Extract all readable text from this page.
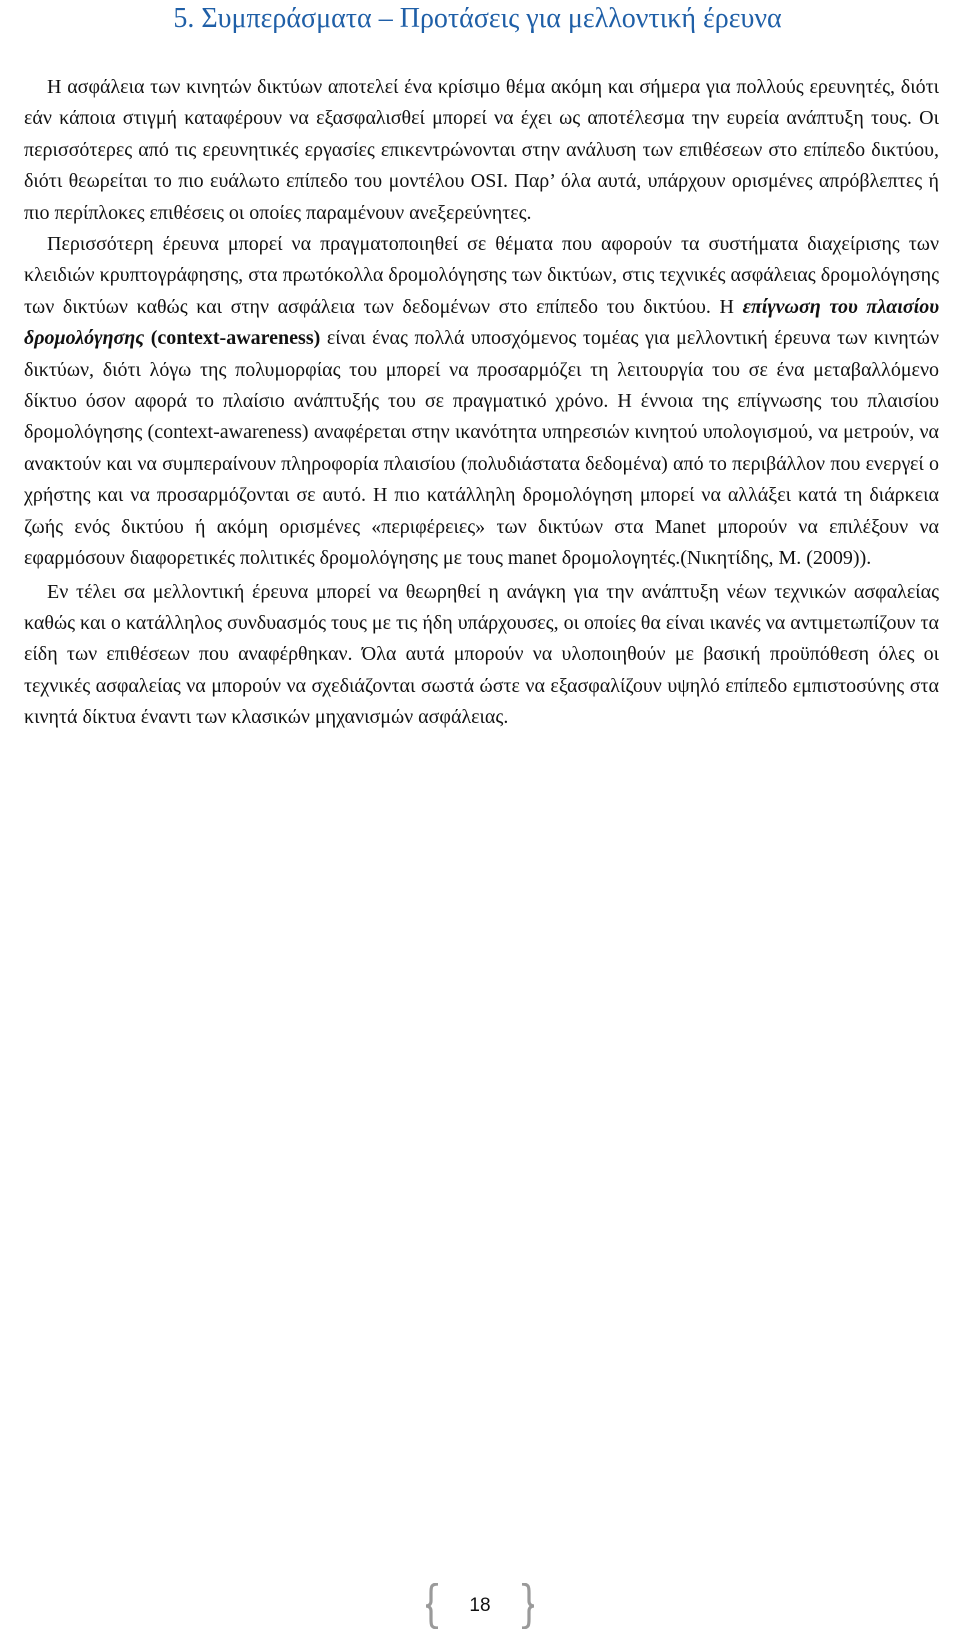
5. Συμπεράσματα – Προτάσεις για μελλοντική έρευνα

Η ασφάλεια των κινητών δικτύων αποτελεί ένα κρίσιμο θέμα ακόμη και σήμερα για πολλούς ερευνητές, διότι εάν κάποια στιγμή καταφέρουν να εξασφαλισθεί μπορεί να έχει ως αποτέλεσμα την ευρεία ανάπτυξη τους. Οι περισσότερες από τις ερευνητικές εργασίες επικεντρώνονται στην ανάλυση των επιθέσεων στο επίπεδο δικτύου, διότι θεωρείται το πιο ευάλωτο επίπεδο του μοντέλου OSI. Παρ’ όλα αυτά, υπάρχουν ορισμένες απρόβλεπτες ή πιο περίπλοκες επιθέσεις οι οποίες παραμένουν ανεξερεύνητες.

Περισσότερη έρευνα μπορεί να πραγματοποιηθεί σε θέματα που αφορούν τα συστήματα διαχείρισης των κλειδιών κρυπτογράφησης, στα πρωτόκολλα δρομολόγησης των δικτύων, στις τεχνικές ασφάλειας δρομολόγησης των δικτύων καθώς και στην ασφάλεια των δεδομένων στο επίπεδο του δικτύου. Η επίγνωση του πλαισίου δρομολόγησης (context-awareness) είναι ένας πολλά υποσχόμενος τομέας για μελλοντική έρευνα των κινητών δικτύων, διότι λόγω της πολυμορφίας του μπορεί να προσαρμόζει τη λειτουργία του σε ένα μεταβαλλόμενο δίκτυο όσον αφορά το πλαίσιο ανάπτυξής του σε πραγματικό χρόνο. Η έννοια της επίγνωσης του πλαισίου δρομολόγησης (context-awareness) αναφέρεται στην ικανότητα υπηρεσιών κινητού υπολογισμού, να μετρούν, να ανακτούν και να συμπεραίνουν πληροφορία πλαισίου (πολυδιάστατα δεδομένα) από το περιβάλλον που ενεργεί ο χρήστης και να προσαρμόζονται σε αυτό. Η πιο κατάλληλη δρομολόγηση μπορεί να αλλάξει κατά τη διάρκεια ζωής ενός δικτύου ή ακόμη ορισμένες «περιφέρειες» των δικτύων στα Manet μπορούν να επιλέξουν να εφαρμόσουν διαφορετικές πολιτικές δρομολόγησης με τους manet δρομολογητές.(Νικητίδης, Μ. (2009)).

Εν τέλει σα μελλοντική έρευνα μπορεί να θεωρηθεί η ανάγκη για την ανάπτυξη νέων τεχνικών ασφαλείας καθώς και ο κατάλληλος συνδυασμός τους με τις ήδη υπάρχουσες, οι οποίες θα είναι ικανές να αντιμετωπίζουν τα είδη των επιθέσεων που αναφέρθηκαν. Όλα αυτά μπορούν να υλοποιηθούν με βασική προϋπόθεση όλες οι τεχνικές ασφαλείας να μπορούν να σχεδιάζονται σωστά ώστε να εξασφαλίζουν υψηλό επίπεδο εμπιστοσύνης στα κινητά δίκτυα έναντι των κλασικών μηχανισμών ασφάλειας.

18
